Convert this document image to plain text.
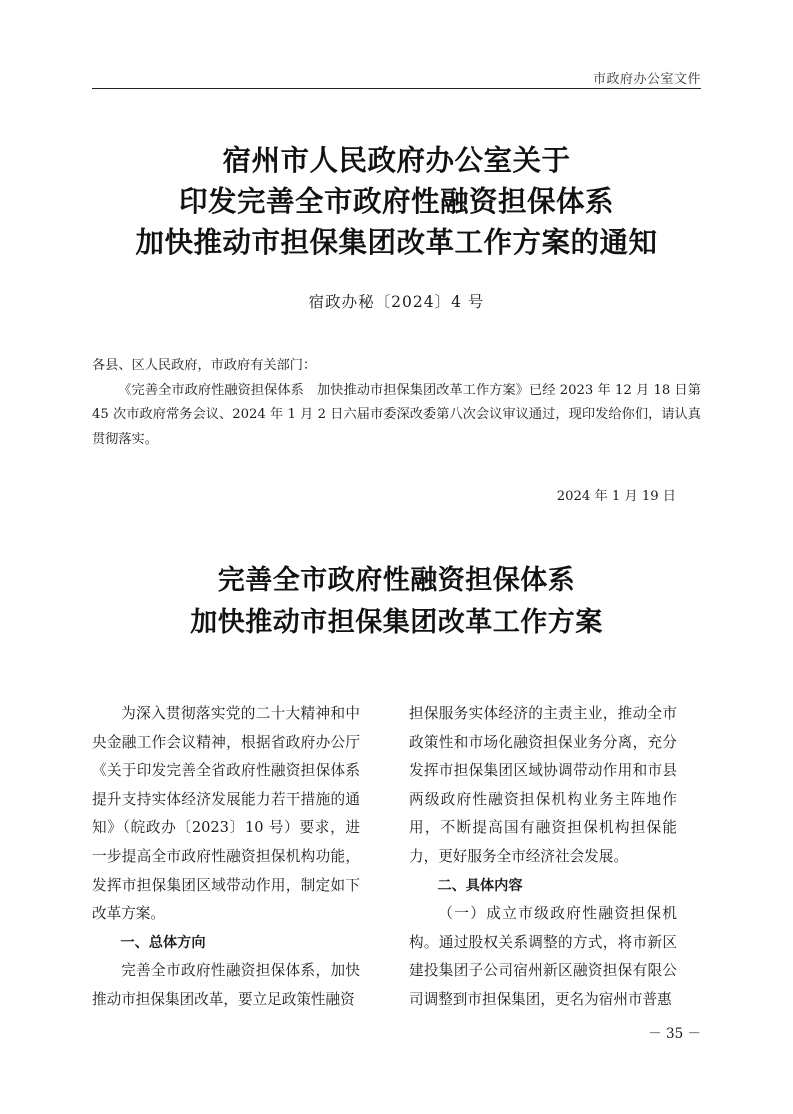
市政府办公室文件
宿州市人民政府办公室关于
印发完善全市政府性融资担保体系
加快推动市担保集团改革工作方案的通知
宿政办秘〔2024〕4 号

各县、区人民政府，市政府有关部门：

《完善全市政府性融资担保体系　加快推动市担保集团改革工作方案》已经 2023 年 12 月 18 日第 45 次市政府常务会议、2024 年 1 月 2 日六届市委深改委第八次会议审议通过，现印发给你们，请认真贯彻落实。

2024 年 1 月 19 日
完善全市政府性融资担保体系
加快推动市担保集团改革工作方案

为深入贯彻落实党的二十大精神和中央金融工作会议精神，根据省政府办公厅《关于印发完善全省政府性融资担保体系提升支持实体经济发展能力若干措施的通知》（皖政办〔2023〕10 号）要求，进一步提高全市政府性融资担保机构功能，发挥市担保集团区域带动作用，制定如下改革方案。

一、总体方向

完善全市政府性融资担保体系，加快推动市担保集团改革，要立足政策性融资

担保服务实体经济的主责主业，推动全市政策性和市场化融资担保业务分离，充分发挥市担保集团区域协调带动作用和市县两级政府性融资担保机构业务主阵地作用，不断提高国有融资担保机构担保能力，更好服务全市经济社会发展。

二、具体内容

（一）成立市级政府性融资担保机构。通过股权关系调整的方式，将市新区建投集团子公司宿州新区融资担保有限公司调整到市担保集团，更名为宿州市普惠

－ 35 －
